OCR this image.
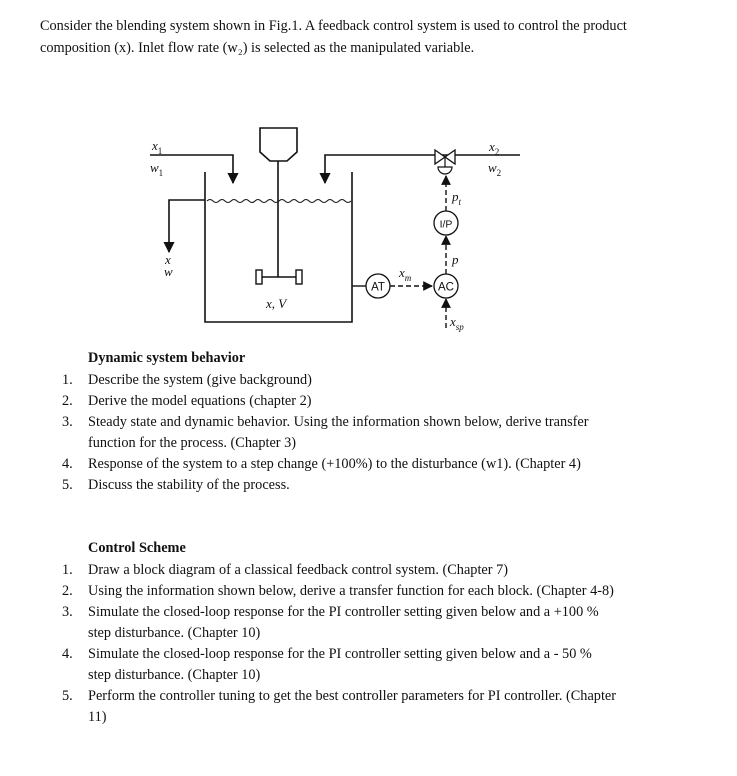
Consider the blending system shown in Fig.1. A feedback control system is used to control the product composition (x). Inlet flow rate (w₂) is selected as the manipulated variable.

$x_1$
$w_1$
$x_2$
$w_2$
x
w
x, V
AT
$x_m$
AC
$x_{sp}$
p
I/P
$p_t$
Dynamic system behavior
1. Describe the system (give background)
2. Derive the model equations (chapter 2)
3. Steady state and dynamic behavior. Using the information shown below, derive transfer function for the process. (Chapter 3)
4. Response of the system to a step change (+100%) to the disturbance (w1). (Chapter 4)
5. Discuss the stability of the process.
Control Scheme
1. Draw a block diagram of a classical feedback control system. (Chapter 7)
2. Using the information shown below, derive a transfer function for each block. (Chapter 4-8)
3. Simulate the closed-loop response for the PI controller setting given below and a +100 % step disturbance. (Chapter 10)
4. Simulate the closed-loop response for the PI controller setting given below and a - 50 % step disturbance. (Chapter 10)
5. Perform the controller tuning to get the best controller parameters for PI controller. (Chapter 11)
